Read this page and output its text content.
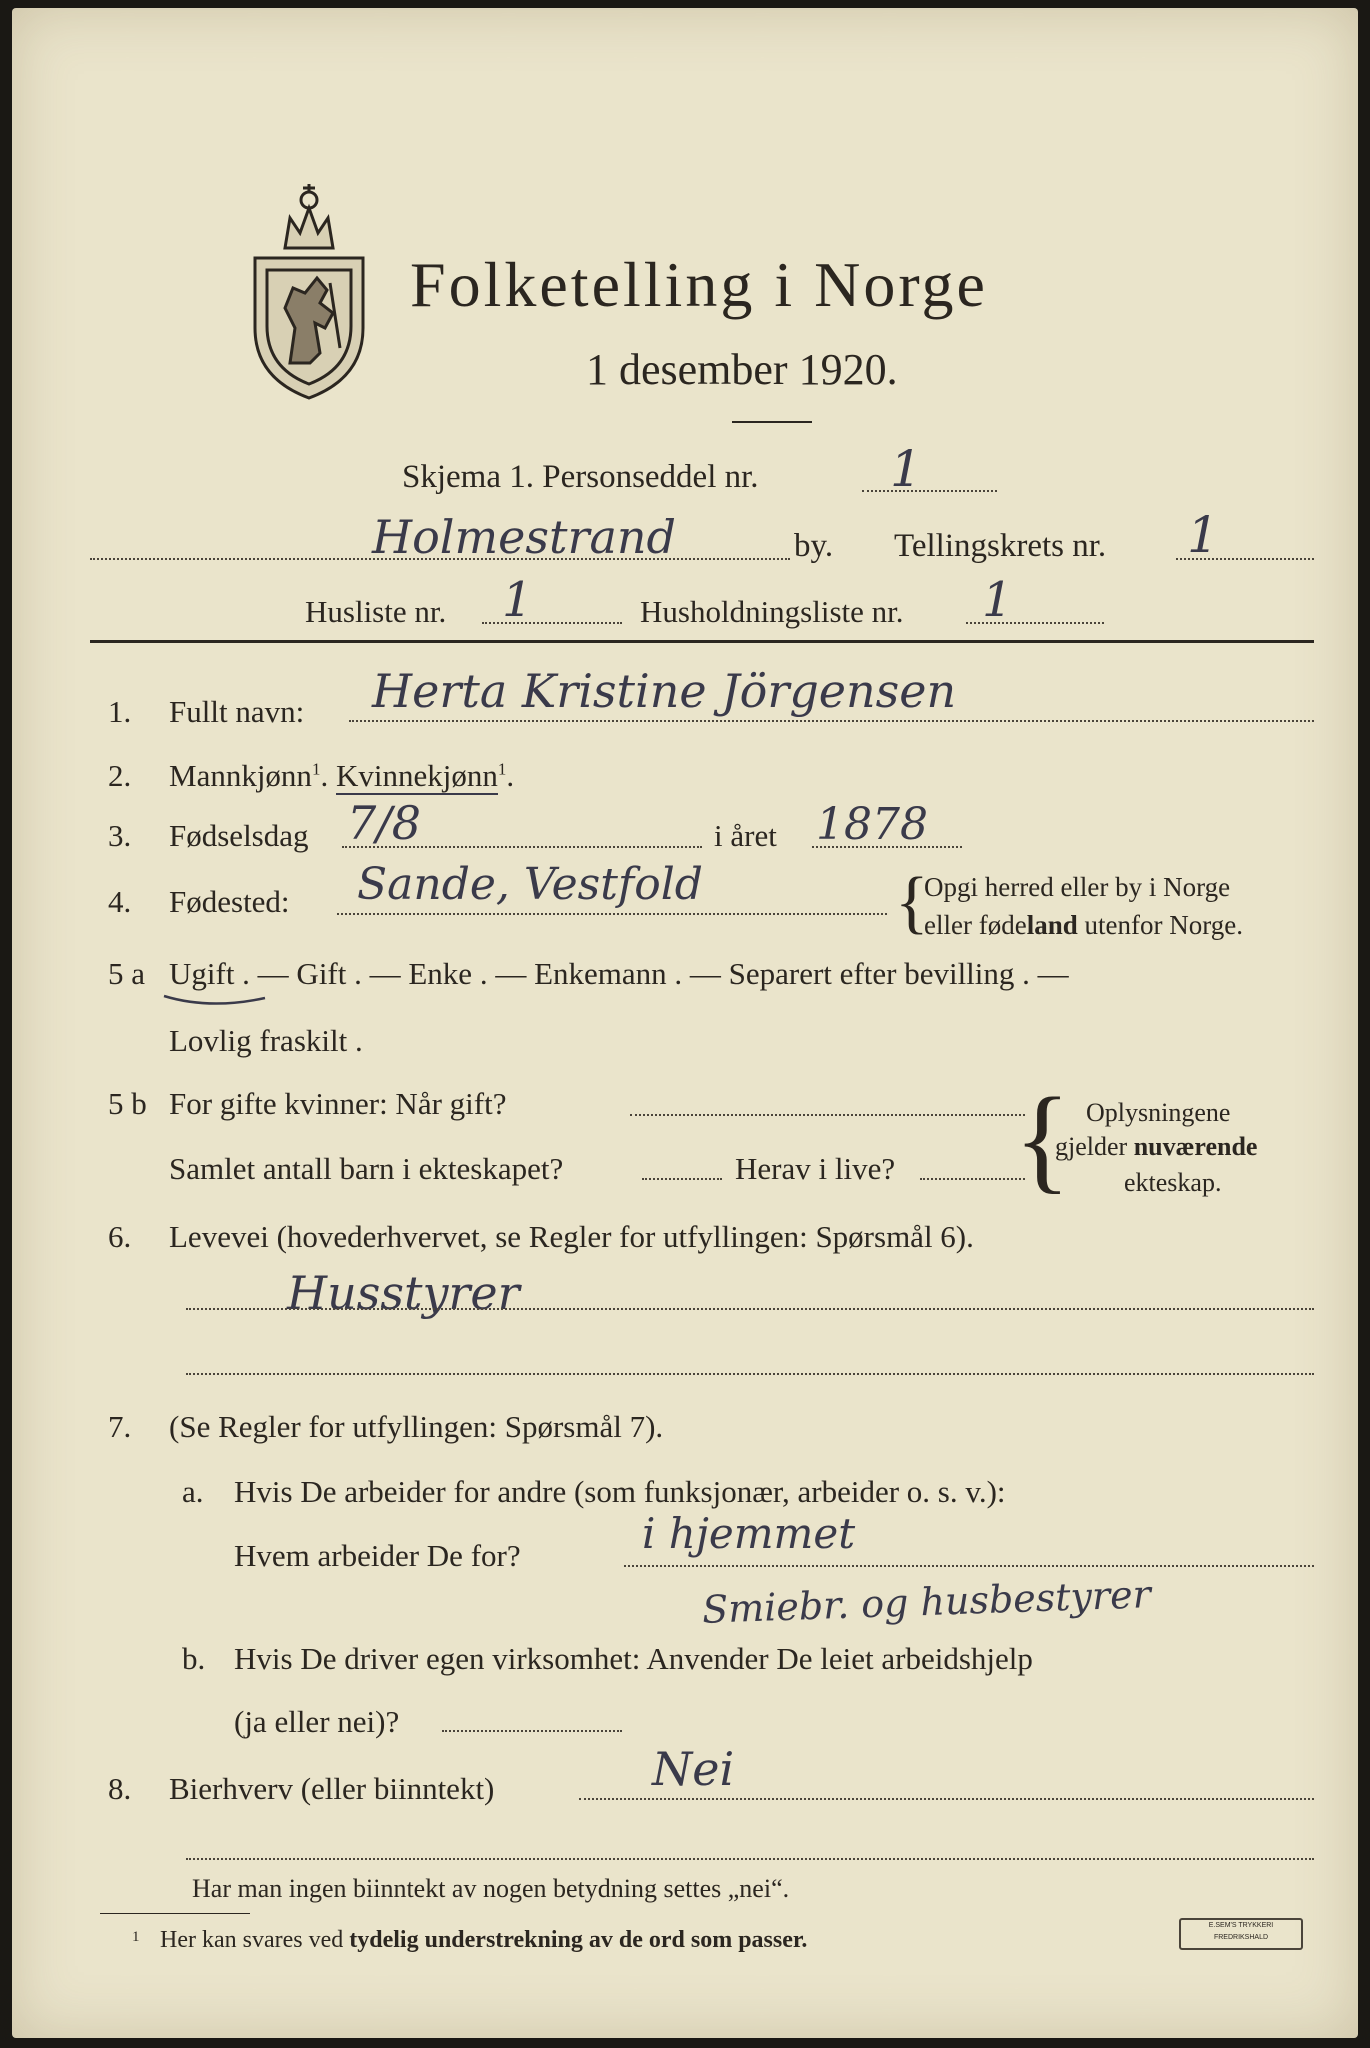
Folketelling i Norge
1 desember 1920.
Skjema 1. Personseddel nr.	1
Holmestrand	by. Tellingskrets nr. 1
Husliste nr. 1	Husholdningsliste nr. 1
1. Fullt navn: Herta Kristine Jörgensen
2. Mannkjønn$^1$. Kvinnekjønn$^1$.
3. Fødselsdag 7/8	i året 1878
4. Fødested: Sande, Vestfold	{
Opgi herred eller by i Norge
eller fødeland utenfor Norge.
5 a Ugift . — Gift . — Enke . — Enkemann . — Separert efter bevilling . —
Lovlig fraskilt .
5 b For gifte kvinner: Når gift?
Samlet antall barn i ekteskapet?	Herav i live? { Oplysningene
gjelder nuværende
ekteskap.
6. Levevei (hovederhvervet, se Regler for utfyllingen: Spørsmål 6).
Husstyrer
7. (Se Regler for utfyllingen: Spørsmål 7).
a. Hvis De arbeider for andre (som funksjonær, arbeider o. s. v.):
Hvem arbeider De for?	i hjemmet
Smiebr. og husbestyrer
b. Hvis De driver egen virksomhet: Anvender De leiet arbeidshjelp
(ja eller nei)?
8. Bierhverv (eller biinntekt)	Nei
Har man ingen biinntekt av nogen betydning settes „nei“.
1 Her kan svares ved tydelig understrekning av de ord som passer.
E.SEM'S TRYKKERI
FREDRIKSHALD
